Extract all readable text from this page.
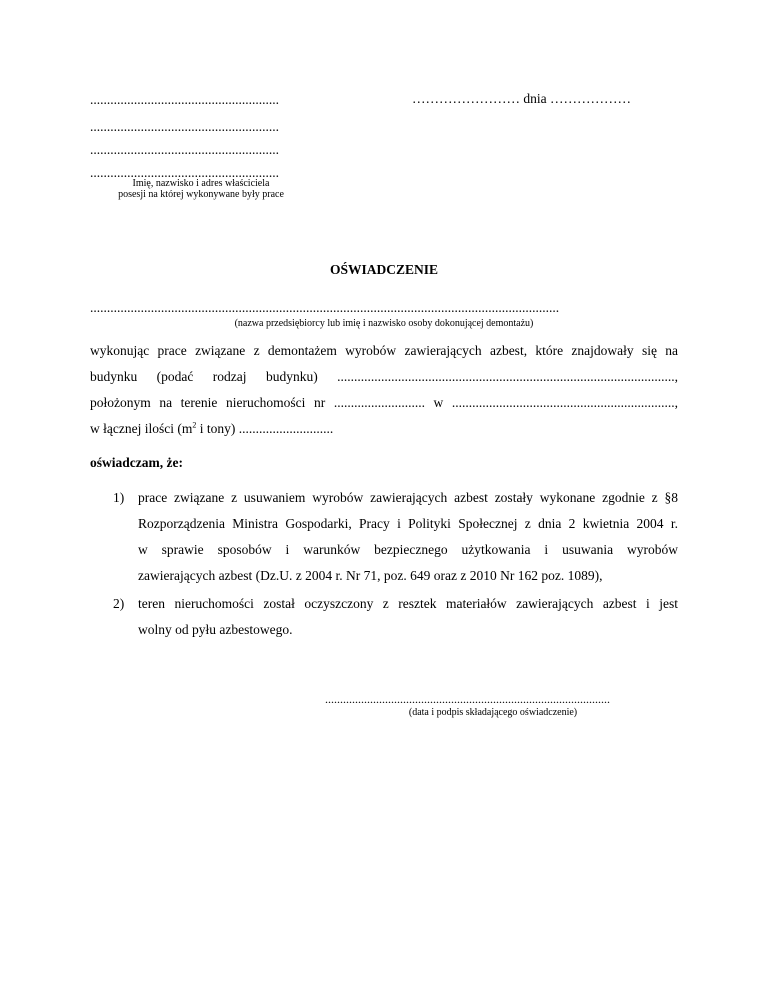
........................................................
........................................................
........................................................
........................................................
Imię, nazwisko i adres właściciela
posesji na której wykonywane były prace
…………………… dnia ………………
OŚWIADCZENIE
...........................................................................................................................................
(nazwa przedsiębiorcy lub imię i nazwisko osoby dokonującej demontażu)
wykonując prace związane z demontażem wyrobów zawierających azbest, które znajdowały się na
budynku (podać rodzaj budynku) ....................................................................................................,
położonym na terenie nieruchomości nr ........................... w ..................................................................,
w łącznej ilości ($m^2$ i tony) ............................
oświadczam, że:
1) prace związane z usuwaniem wyrobów zawierających azbest zostały wykonane zgodnie z §8
Rozporządzenia Ministra Gospodarki, Pracy i Polityki Społecznej z dnia 2 kwietnia 2004 r.
w sprawie sposobów i warunków bezpiecznego użytkowania i usuwania wyrobów
zawierających azbest (Dz.U. z 2004 r. Nr 71, poz. 649 oraz z 2010 Nr 162 poz. 1089),
2) teren nieruchomości został oczyszczony z resztek materiałów zawierających azbest i jest
wolny od pyłu azbestowego.
...............................................................................................
(data i podpis składającego oświadczenie)
